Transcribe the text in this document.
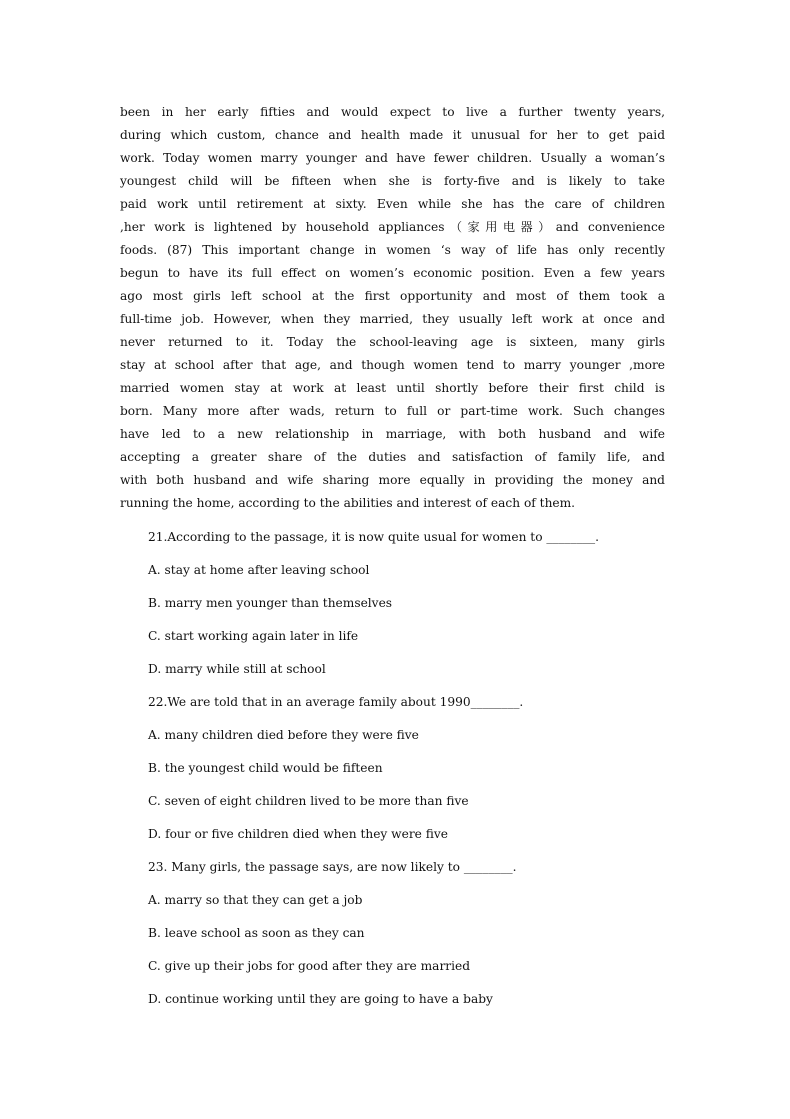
been in her early fifties and would expect to live a further twenty years,
during which custom, chance and health made it unusual for her to get paid
work. Today women marry younger and have fewer children. Usually a woman’s
youngest child will be fifteen when she is forty-five and is likely to take
paid work until retirement at sixty. Even while she has the care of children
,her work is lightened by household appliances（家用电器）and convenience
foods. (87) This important change in women ‘s way of life has only recently
begun to have its full effect on women’s economic position. Even a few years
ago most girls left school at the first opportunity and most of them took a
full-time job. However, when they married, they usually left work at once and
never returned to it. Today the school-leaving age is sixteen, many girls
stay at school after that age, and though women tend to marry younger ,more
married women stay at work at least until shortly before their first child is
born. Many more after wads, return to full or part-time work. Such changes
have led to a new relationship in marriage, with both husband and wife
accepting a greater share of the duties and satisfaction of family life, and
with both husband and wife sharing more equally in providing the money and
running the home, according to the abilities and interest of each of them.
21.According to the passage, it is now quite usual for women to ________.
A. stay at home after leaving school
B. marry men younger than themselves
C. start working again later in life
D. marry while still at school
22.We are told that in an average family about 1990________.
A. many children died before they were five
B. the youngest child would be fifteen
C. seven of eight children lived to be more than five
D. four or five children died when they were five
23. Many girls, the passage says, are now likely to ________.
A. marry so that they can get a job
B. leave school as soon as they can
C. give up their jobs for good after they are married
D. continue working until they are going to have a baby
